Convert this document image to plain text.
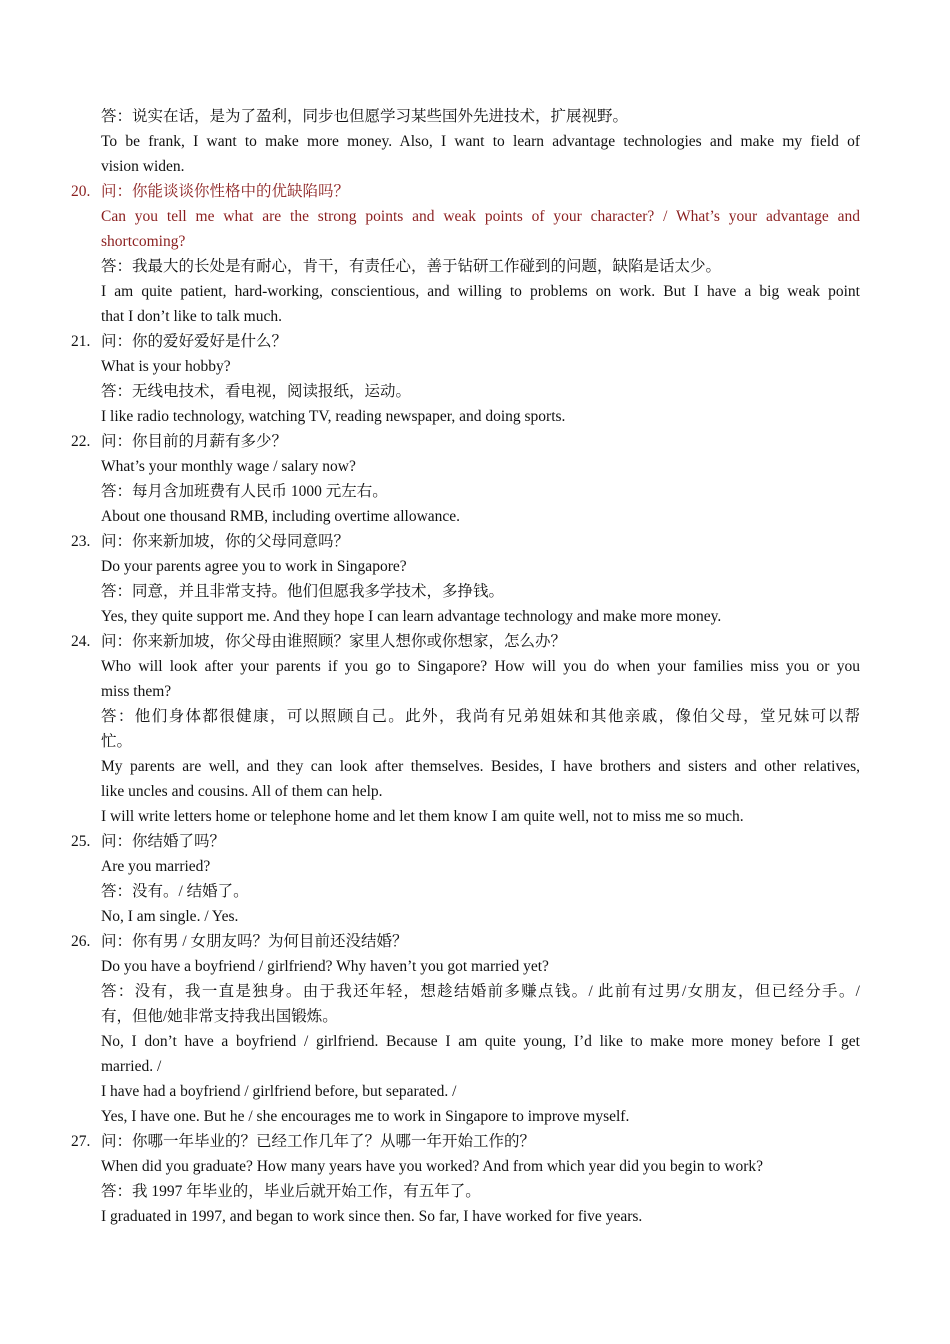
答：说实在话，是为了盈利，同步也但愿学习某些国外先进技术，扩展视野。
To be frank, I want to make more money. Also, I want to learn advantage technologies and make my field of
vision widen.
20. 问：你能谈谈你性格中的优缺陷吗？
Can you tell me what are the strong points and weak points of your character? / What’s your advantage and
shortcoming?
答：我最大的长处是有耐心，肯干，有责任心，善于钻研工作碰到的问题，缺陷是话太少。
I am quite patient, hard-working, conscientious, and willing to problems on work. But I have a big weak point
that I don’t like to talk much.
21. 问：你的爱好爱好是什么？
What is your hobby?
答：无线电技术，看电视，阅读报纸，运动。
I like radio technology, watching TV, reading newspaper, and doing sports.
22. 问：你目前的月薪有多少？
What’s your monthly wage / salary now?
答：每月含加班费有人民币 1000 元左右。
About one thousand RMB, including overtime allowance.
23. 问：你来新加坡，你的父母同意吗？
Do your parents agree you to work in Singapore?
答：同意，并且非常支持。他们但愿我多学技术，多挣钱。
Yes, they quite support me. And they hope I can learn advantage technology and make more money.
24. 问：你来新加坡，你父母由谁照顾？家里人想你或你想家，怎么办？
Who will look after your parents if you go to Singapore? How will you do when your families miss you or you
miss them?
答：他们身体都很健康，可以照顾自己。此外，我尚有兄弟姐妹和其他亲戚，像伯父母，堂兄妹可以帮
忙。
My parents are well, and they can look after themselves. Besides, I have brothers and sisters and other relatives,
like uncles and cousins. All of them can help.
I will write letters home or telephone home and let them know I am quite well, not to miss me so much.
25. 问：你结婚了吗？
Are you married?
答：没有。/ 结婚了。
No, I am single. / Yes.
26. 问：你有男 / 女朋友吗？为何目前还没结婚？
Do you have a boyfriend / girlfriend? Why haven’t you got married yet?
答：没有，我一直是独身。由于我还年轻，想趁结婚前多赚点钱。/ 此前有过男/女朋友，但已经分手。/
有，但他/她非常支持我出国锻炼。
No, I don’t have a boyfriend / girlfriend. Because I am quite young, I’d like to make more money before I get
married. /
I have had a boyfriend / girlfriend before, but separated. /
Yes, I have one. But he / she encourages me to work in Singapore to improve myself.
27. 问：你哪一年毕业的？已经工作几年了？从哪一年开始工作的？
When did you graduate? How many years have you worked? And from which year did you begin to work?
答：我 1997 年毕业的，毕业后就开始工作，有五年了。
I graduated in 1997, and began to work since then. So far, I have worked for five years.
